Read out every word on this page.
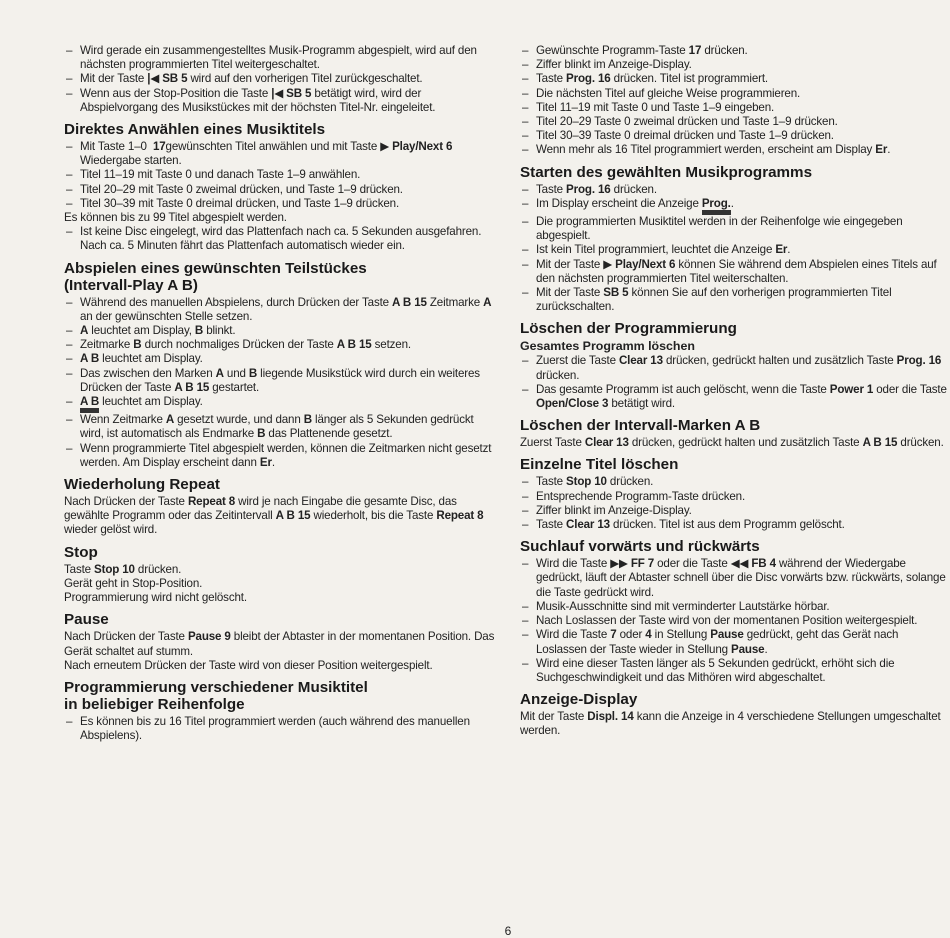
– Wird gerade ein zusammengestelltes Musik-Programm abgespielt, wird auf den nächsten programmierten Titel weitergeschaltet.

– Mit der Taste |◀ SB 5 wird auf den vorherigen Titel zurückgeschaltet.

– Wenn aus der Stop-Position die Taste |◀ SB 5 betätigt wird, wird der Abspielvorgang des Musikstückes mit der höchsten Titel-Nr. eingeleitet.

Direktes Anwählen eines Musiktitels

– Mit Taste 1–0  17gewünschten Titel anwählen und mit Taste ▶ Play/Next 6 Wiedergabe starten.

– Titel 11–19 mit Taste 0 und danach Taste 1–9 anwählen.

– Titel 20–29 mit Taste 0 zweimal drücken, und Taste 1–9 drücken.

– Titel 30–39 mit Taste 0 dreimal drücken, und Taste 1–9 drücken.

Es können bis zu 99 Titel abgespielt werden.

– Ist keine Disc eingelegt, wird das Plattenfach nach ca. 5 Sekunden ausgefahren. Nach ca. 5 Minuten fährt das Plattenfach automatisch wieder ein.

Abspielen eines gewünschten Teilstückes
(Intervall-Play A B)

– Während des manuellen Abspielens, durch Drücken der Taste A B 15 Zeitmarke A an der gewünschten Stelle setzen.

– A leuchtet am Display, B blinkt.

– Zeitmarke B durch nochmaliges Drücken der Taste A B 15 setzen.

– A B leuchtet am Display.

– Das zwischen den Marken A und B liegende Musikstück wird durch ein weiteres Drücken der Taste A B 15 gestartet.

– A B leuchtet am Display.

– Wenn Zeitmarke A gesetzt wurde, und dann B länger als 5 Sekunden gedrückt wird, ist automatisch als Endmarke B das Plattenende gesetzt.

– Wenn programmierte Titel abgespielt werden, können die Zeitmarken nicht gesetzt werden. Am Display erscheint dann Er.

Wiederholung Repeat

Nach Drücken der Taste Repeat 8 wird je nach Eingabe die gesamte Disc, das gewählte Programm oder das Zeitintervall A B 15 wiederholt, bis die Taste Repeat 8 wieder gelöst wird.

Stop

Taste Stop 10 drücken.

Gerät geht in Stop-Position.

Programmierung wird nicht gelöscht.

Pause

Nach Drücken der Taste Pause 9 bleibt der Abtaster in der momentanen Position. Das Gerät schaltet auf stumm.

Nach erneutem Drücken der Taste wird von dieser Position weitergespielt.

Programmierung verschiedener Musiktitel
in beliebiger Reihenfolge

– Es können bis zu 16 Titel programmiert werden (auch während des manuellen Abspielens).

– Gewünschte Programm-Taste 17 drücken.

– Ziffer blinkt im Anzeige-Display.

– Taste Prog. 16 drücken. Titel ist programmiert.

– Die nächsten Titel auf gleiche Weise programmieren.

– Titel 11–19 mit Taste 0 und Taste 1–9 eingeben.

– Titel 20–29 Taste 0 zweimal drücken und Taste 1–9 drücken.

– Titel 30–39 Taste 0 dreimal drücken und Taste 1–9 drücken.

– Wenn mehr als 16 Titel programmiert werden, erscheint am Display Er.

Starten des gewählten Musikprogramms

– Taste Prog. 16 drücken.

– Im Display erscheint die Anzeige Prog..

– Die programmierten Musiktitel werden in der Reihenfolge wie eingegeben abgespielt.

– Ist kein Titel programmiert, leuchtet die Anzeige Er.

– Mit der Taste ▶ Play/Next 6 können Sie während dem Abspielen eines Titels auf den nächsten programmierten Titel weiterschalten.

– Mit der Taste SB 5 können Sie auf den vorherigen programmierten Titel zurückschalten.

Löschen der Programmierung
Gesamtes Programm löschen

– Zuerst die Taste Clear 13 drücken, gedrückt halten und zusätzlich Taste Prog. 16 drücken.

– Das gesamte Programm ist auch gelöscht, wenn die Taste Power 1 oder die Taste Open/Close 3 betätigt wird.

Löschen der Intervall-Marken A B

Zuerst Taste Clear 13 drücken, gedrückt halten und zusätzlich Taste A B 15 drücken.

Einzelne Titel löschen

– Taste Stop 10 drücken.

– Entsprechende Programm-Taste drücken.

– Ziffer blinkt im Anzeige-Display.

– Taste Clear 13 drücken. Titel ist aus dem Programm gelöscht.

Suchlauf vorwärts und rückwärts

– Wird die Taste ▶▶ FF 7 oder die Taste ◀◀ FB 4 während der Wiedergabe gedrückt, läuft der Abtaster schnell über die Disc vorwärts bzw. rückwärts, solange die Taste gedrückt wird.

– Musik-Ausschnitte sind mit verminderter Lautstärke hörbar.

– Nach Loslassen der Taste wird von der momentanen Position weitergespielt.

– Wird die Taste 7 oder 4 in Stellung Pause gedrückt, geht das Gerät nach Loslassen der Taste wieder in Stellung Pause.

– Wird eine dieser Tasten länger als 5 Sekunden gedrückt, erhöht sich die Suchgeschwindigkeit und das Mithören wird abgeschaltet.

Anzeige-Display

Mit der Taste Displ. 14 kann die Anzeige in 4 verschiedene Stellungen umgeschaltet werden.

6
